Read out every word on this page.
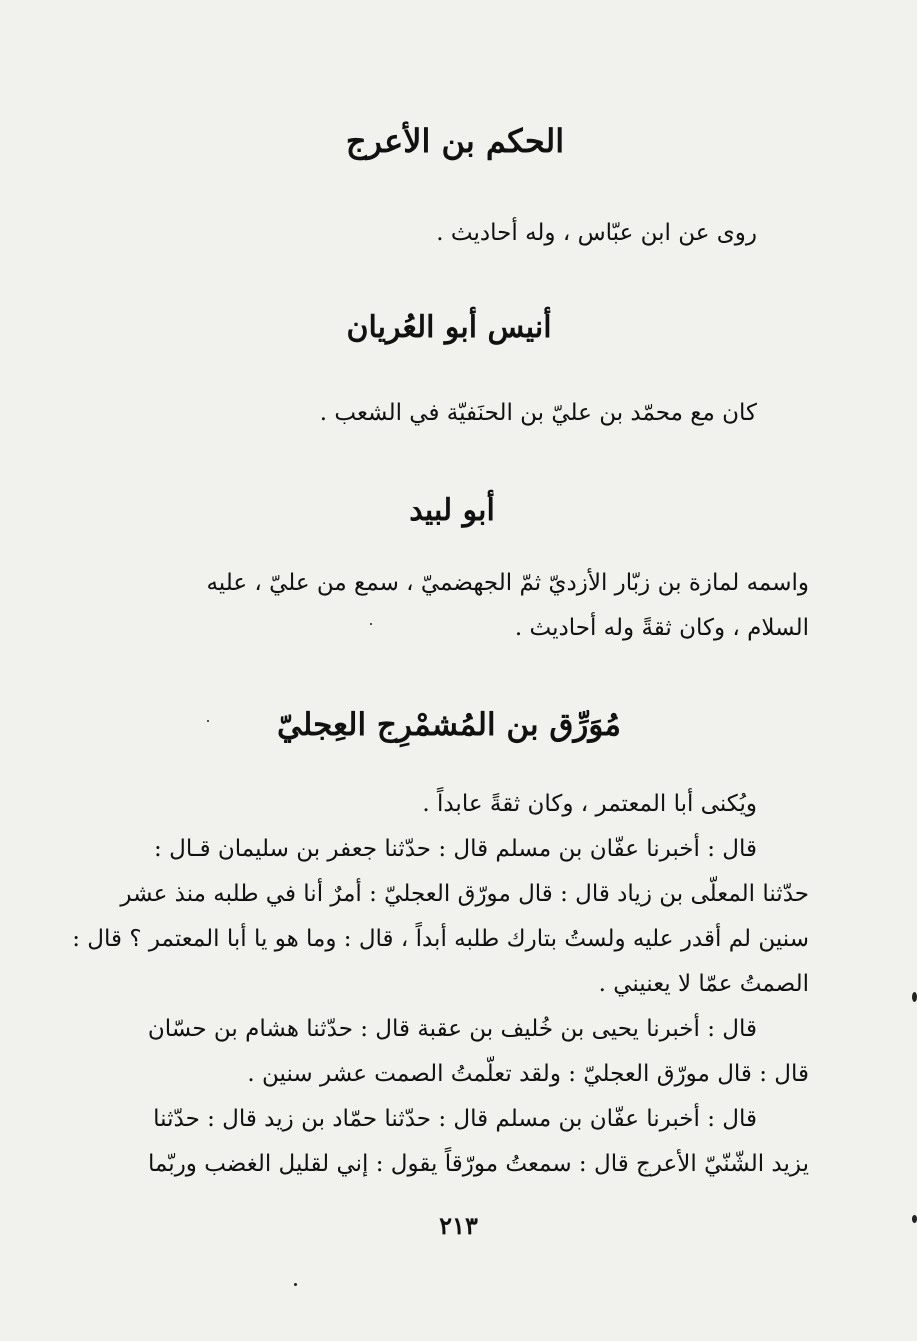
الحكم بن الأعرج
روى عن ابن عبّاس ، وله أحاديث .
أنيس أبو العُريان
كان مع محمّد بن عليّ بن الحنَفيّة في الشعب .
أبو لبيد
واسمه لمازة بن زبّار الأزديّ ثمّ الجهضميّ ، سمع من عليّ ، عليه
السلام ، وكان ثقةً وله أحاديث .
مُوَرِّق بن المُشمْرِج العِجليّ
ويُكنى أبا المعتمر ، وكان ثقةً عابداً .
قال : أخبرنا عفّان بن مسلم قال : حدّثنا جعفر بن سليمان قـال :
حدّثنا المعلّى بن زياد قال : قال مورّق العجليّ : أمرٌ أنا في طلبه منذ عشر
سنين لم أقدر عليه ولستُ بتارك طلبه أبداً ، قال : وما هو يا أبا المعتمر ؟ قال :
الصمتُ عمّا لا يعنيني .
قال : أخبرنا يحيى بن خُليف بن عقبة قال : حدّثنا هشام بن حسّان
قال : قال مورّق العجليّ : ولقد تعلّمتُ الصمت عشر سنين .
قال : أخبرنا عفّان بن مسلم قال : حدّثنا حمّاد بن زيد قال : حدّثنا
يزيد الشّنّيّ الأعرج قال : سمعتُ مورّقاً يقول : إني لقليل الغضب وربّما
٢١٣
